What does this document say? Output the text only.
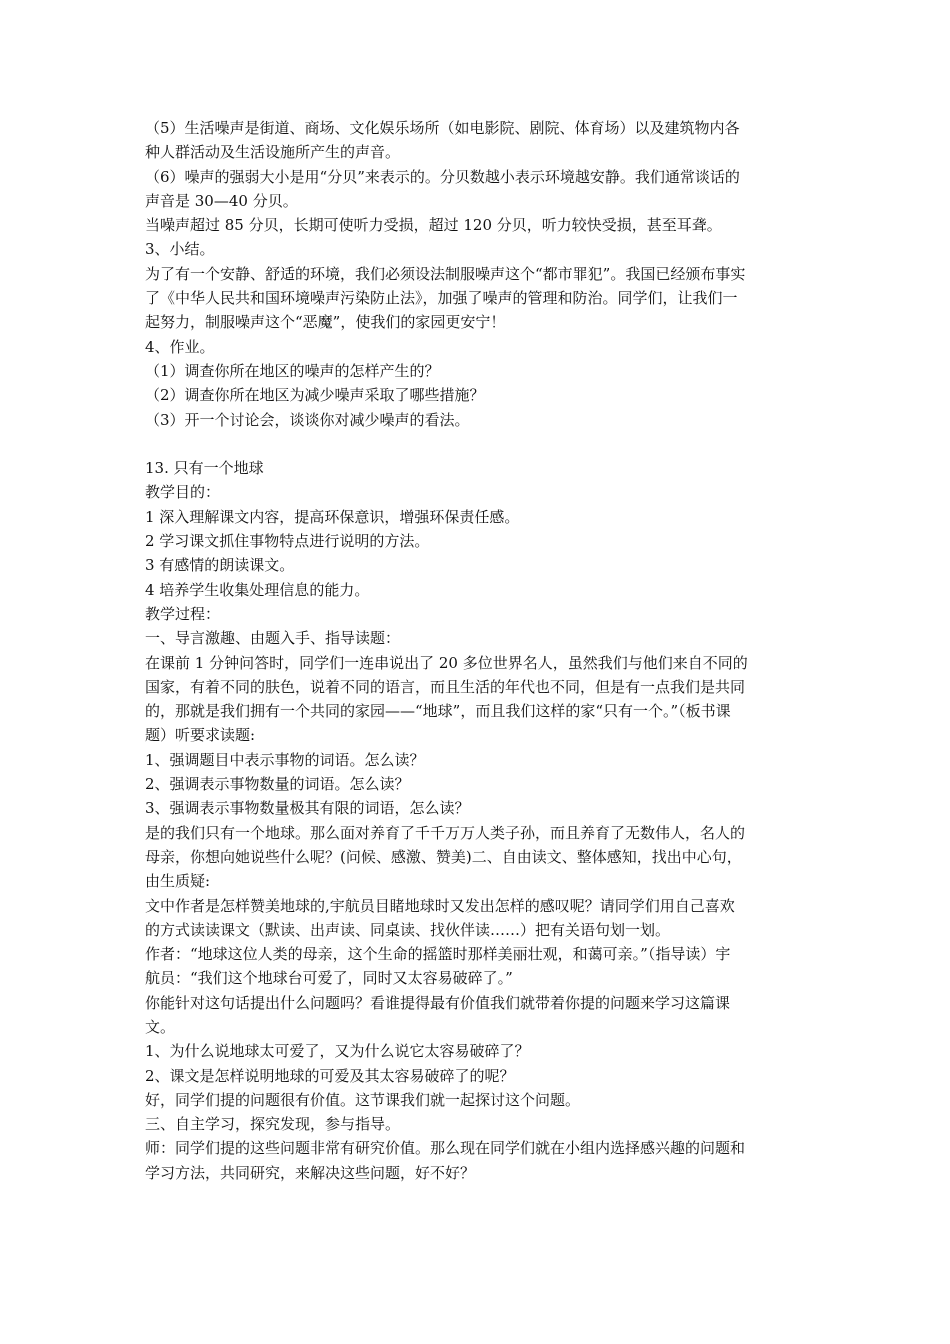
（5）生活噪声是街道、商场、文化娱乐场所（如电影院、剧院、体育场）以及建筑物内各
种人群活动及生活设施所产生的声音。
（6）噪声的强弱大小是用“分贝”来表示的。分贝数越小表示环境越安静。我们通常谈话的
声音是 30—40 分贝。
当噪声超过 85 分贝，长期可使听力受损，超过 120 分贝，听力较快受损，甚至耳聋。
3、小结。
为了有一个安静、舒适的环境，我们必须设法制服噪声这个“都市罪犯”。我国已经颁布事实
了《中华人民共和国环境噪声污染防止法》，加强了噪声的管理和防治。同学们，让我们一
起努力，制服噪声这个“恶魔”，使我们的家园更安宁！
4、作业。
（1）调查你所在地区的噪声的怎样产生的？
（2）调查你所在地区为减少噪声采取了哪些措施？
（3）开一个讨论会，谈谈你对减少噪声的看法。
13. 只有一个地球
教学目的：
1 深入理解课文内容，提高环保意识，增强环保责任感。
2 学习课文抓住事物特点进行说明的方法。
3 有感情的朗读课文。
4 培养学生收集处理信息的能力。
教学过程：
一、导言激趣、由题入手、指导读题：
在课前 1 分钟问答时，同学们一连串说出了 20 多位世界名人，虽然我们与他们来自不同的
国家，有着不同的肤色，说着不同的语言，而且生活的年代也不同，但是有一点我们是共同
的，那就是我们拥有一个共同的家园——“地球”，而且我们这样的家“只有一个。”（板书课
题）听要求读题:
1、强调题目中表示事物的词语。怎么读？
2、强调表示事物数量的词语。怎么读？
3、强调表示事物数量极其有限的词语，怎么读？
是的我们只有一个地球。那么面对养育了千千万万人类子孙，而且养育了无数伟人，名人的
母亲，你想向她说些什么呢？(问候、感激、赞美)二、自由读文、整体感知，找出中心句，
由生质疑:
文中作者是怎样赞美地球的,宇航员目睹地球时又发出怎样的感叹呢？请同学们用自己喜欢
的方式读读课文（默读、出声读、同桌读、找伙伴读……）把有关语句划一划。
作者：“地球这位人类的母亲，这个生命的摇篮时那样美丽壮观，和蔼可亲。”（指导读）宇
航员：“我们这个地球台可爱了，同时又太容易破碎了。”
你能针对这句话提出什么问题吗？看谁提得最有价值我们就带着你提的问题来学习这篇课
文。
1、为什么说地球太可爱了，又为什么说它太容易破碎了？
2、课文是怎样说明地球的可爱及其太容易破碎了的呢？
好，同学们提的问题很有价值。这节课我们就一起探讨这个问题。
三、自主学习，探究发现，参与指导。
师：同学们提的这些问题非常有研究价值。那么现在同学们就在小组内选择感兴趣的问题和
学习方法，共同研究，来解决这些问题，好不好？
